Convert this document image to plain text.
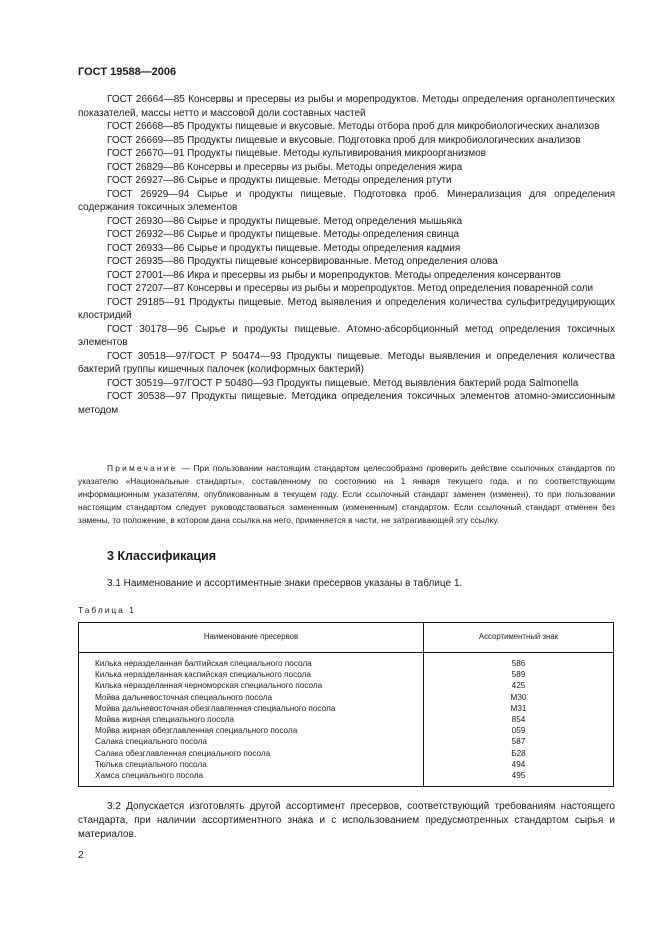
ГОСТ 19588—2006

ГОСТ 26664—85 Консервы и пресервы из рыбы и морепродуктов. Методы определения органолептических показателей, массы нетто и массовой доли составных частей

ГОСТ 26668—85 Продукты пищевые и вкусовые. Методы отбора проб для микробиологических анализов

ГОСТ 26669—85 Продукты пищевые и вкусовые. Подготовка проб для микробиологических анализов

ГОСТ 26670—91 Продукты пищевые. Методы культивирования микроорганизмов

ГОСТ 26829—86 Консервы и пресервы из рыбы. Методы определения жира

ГОСТ 26927—86 Сырье и продукты пищевые. Методы определения ртути

ГОСТ 26929—94 Сырье и продукты пищевые. Подготовка проб. Минерализация для определения содержания токсичных элементов

ГОСТ 26930—86 Сырье и продукты пищевые. Метод определения мышьяка

ГОСТ 26932—86 Сырье и продукты пищевые. Методы определения свинца

ГОСТ 26933—86 Сырье и продукты пищевые. Методы определения кадмия

ГОСТ 26935—86 Продукты пищевые консервированные. Метод определения олова

ГОСТ 27001—86 Икра и пресервы из рыбы и морепродуктов. Методы определения консервантов

ГОСТ 27207—87 Консервы и пресервы из рыбы и морепродуктов. Метод определения поваренной соли

ГОСТ 29185—91 Продукты пищевые. Метод выявления и определения количества сульфитредуцирующих клостридий

ГОСТ 30178—96 Сырье и продукты пищевые. Атомно-абсорбционный метод определения токсичных элементов

ГОСТ 30518—97/ГОСТ Р 50474—93 Продукты пищевые. Методы выявления и определения количества бактерий группы кишечных палочек (колиформных бактерий)

ГОСТ 30519—97/ГОСТ Р 50480—93 Продукты пищевые. Метод выявления бактерий рода Salmonella

ГОСТ 30538—97 Продукты пищевые. Методика определения токсичных элементов атомно-эмиссионным методом

Примечание — При пользовании настоящим стандартом целесообразно проверить действие ссылочных стандартов по указателю «Национальные стандарты», составленному по состоянию на 1 января текущего года, и по соответствующим информационным указателям, опубликованным в текущем году. Если ссылочный стандарт заменен (изменен), то при пользовании настоящим стандартом следует руководствоваться замененным (измененным) стандартом. Если ссылочный стандарт отменен без замены, то положение, в котором дана ссылка на него, применяется в части, не затрагивающей эту ссылку.
3 Классификация
3.1 Наименование и ассортиментные знаки пресервов указаны в таблице 1.
Таблица 1
Наименование пресервов	Ассортиментный знак
Килька неразделанная балтийская специального посола	586
Килька неразделанная каспийская специального посола	589
Килька неразделанная черноморская специального посола	425
Мойва дальневосточная специального посола	М30
Мойва дальневосточная обезглавленная специального посола	М31
Мойва жирная специального посола	854
Мойва жирная обезглавленная специального посола	059
Салака специального посола	587
Салака обезглавленная специального посола	Б28
Тюлька специального посола	494
Хамса специального посола	495
3.2 Допускается изготовлять другой ассортимент пресервов, соответствующий требованиям настоящего стандарта, при наличии ассортиментного знака и с использованием предусмотренных стандартом сырья и материалов.
2
